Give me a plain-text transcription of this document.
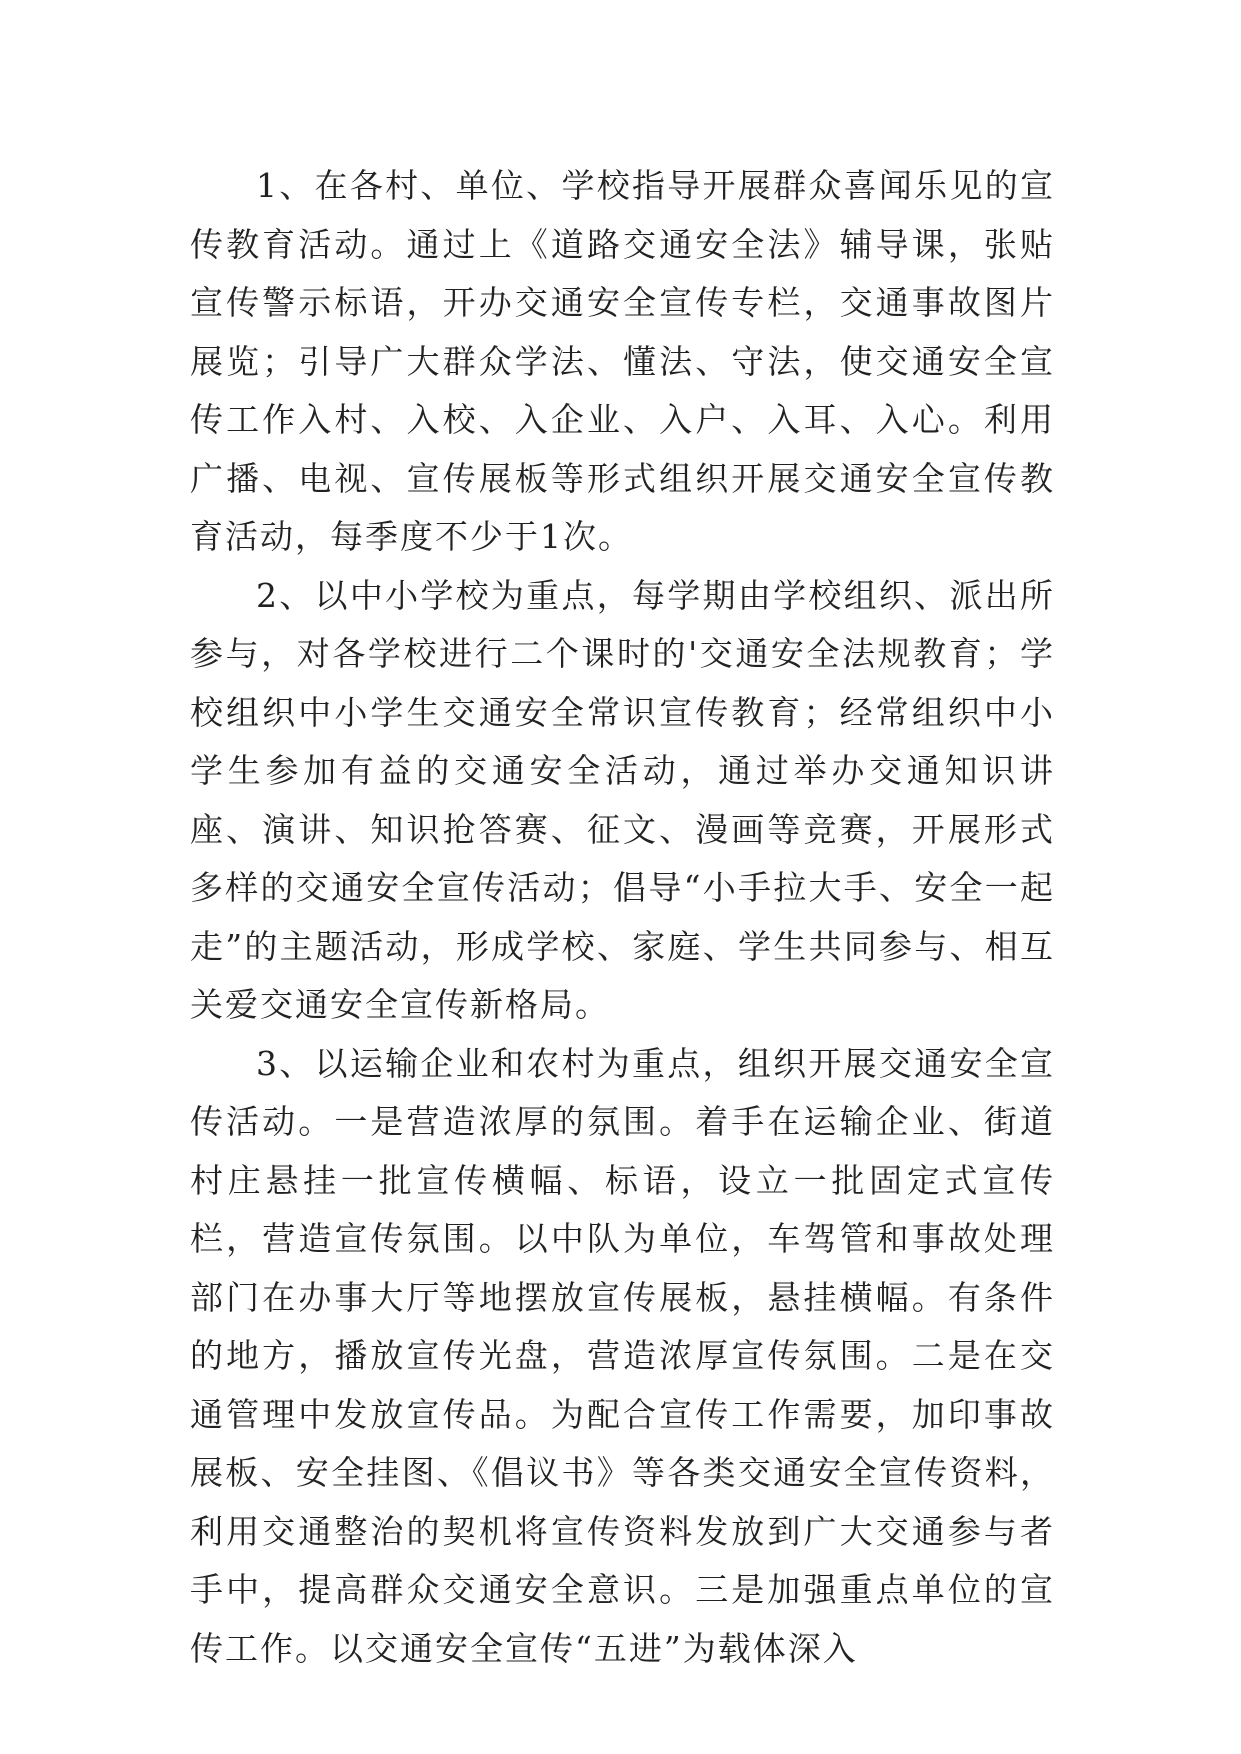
1、在各村、单位、学校指导开展群众喜闻乐见的宣传教育活动。通过上《道路交通安全法》辅导课，张贴宣传警示标语，开办交通安全宣传专栏，交通事故图片展览；引导广大群众学法、懂法、守法，使交通安全宣传工作入村、入校、入企业、入户、入耳、入心。利用广播、电视、宣传展板等形式组织开展交通安全宣传教育活动，每季度不少于1次。

2、以中小学校为重点，每学期由学校组织、派出所参与，对各学校进行二个课时的'交通安全法规教育；学校组织中小学生交通安全常识宣传教育；经常组织中小学生参加有益的交通安全活动，通过举办交通知识讲座、演讲、知识抢答赛、征文、漫画等竞赛，开展形式多样的交通安全宣传活动；倡导“小手拉大手、安全一起走”的主题活动，形成学校、家庭、学生共同参与、相互关爱交通安全宣传新格局。

3、以运输企业和农村为重点，组织开展交通安全宣传活动。一是营造浓厚的氛围。着手在运输企业、街道村庄悬挂一批宣传横幅、标语，设立一批固定式宣传栏，营造宣传氛围。以中队为单位，车驾管和事故处理部门在办事大厅等地摆放宣传展板，悬挂横幅。有条件的地方，播放宣传光盘，营造浓厚宣传氛围。二是在交通管理中发放宣传品。为配合宣传工作需要，加印事故展板、安全挂图、《倡议书》等各类交通安全宣传资料，利用交通整治的契机将宣传资料发放到广大交通参与者手中，提高群众交通安全意识。三是加强重点单位的宣传工作。以交通安全宣传“五进”为载体深入
